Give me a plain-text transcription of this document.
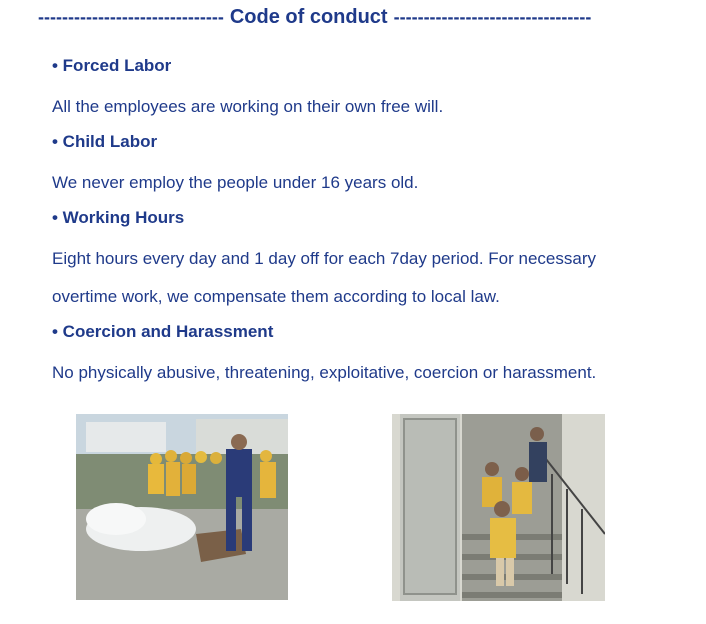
------------------------------- Code of conduct ---------------------------------
• Forced Labor
All the employees are working on their own free will.
• Child Labor
We never employ the people under 16 years old.
• Working Hours
Eight hours every day and 1 day off for each 7day period. For necessary overtime work, we compensate them according to local law.
• Coercion and Harassment
No physically abusive, threatening, exploitative, coercion or harassment.
